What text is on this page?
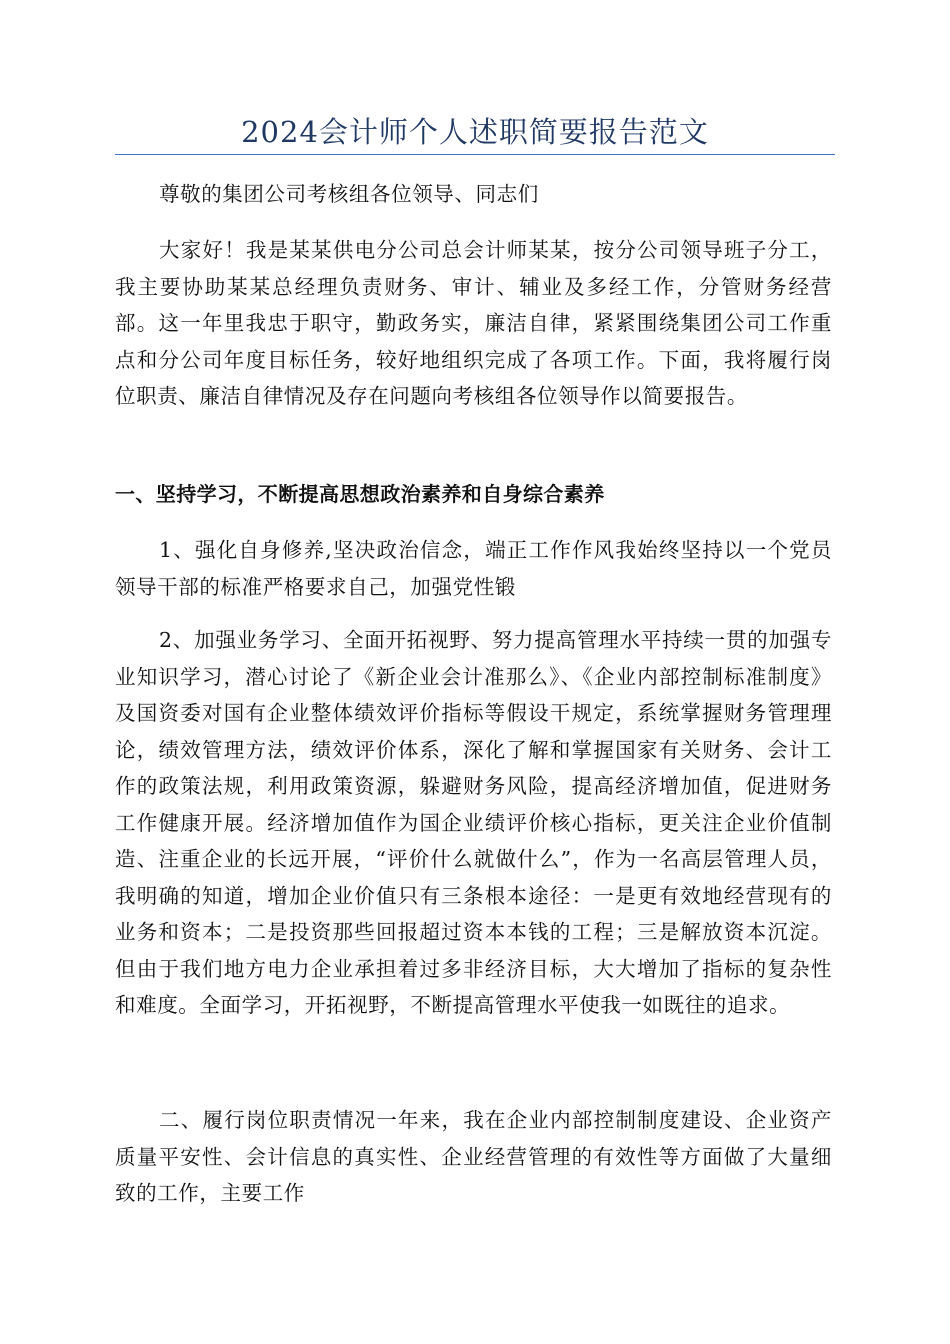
2024会计师个人述职简要报告范文

尊敬的集团公司考核组各位领导、同志们

大家好！我是某某供电分公司总会计师某某，按分公司领导班子分工，我主要协助某某总经理负责财务、审计、辅业及多经工作，分管财务经营部。这一年里我忠于职守，勤政务实，廉洁自律，紧紧围绕集团公司工作重点和分公司年度目标任务，较好地组织完成了各项工作。下面，我将履行岗位职责、廉洁自律情况及存在问题向考核组各位领导作以简要报告。

一、坚持学习，不断提高思想政治素养和自身综合素养

1、强化自身修养,坚决政治信念，端正工作作风我始终坚持以一个党员领导干部的标准严格要求自己，加强党性锻

2、加强业务学习、全面开拓视野、努力提高管理水平持续一贯的加强专业知识学习，潜心讨论了《新企业会计准那么》、《企业内部控制标准制度》及国资委对国有企业整体绩效评价指标等假设干规定，系统掌握财务管理理论，绩效管理方法，绩效评价体系，深化了解和掌握国家有关财务、会计工作的政策法规，利用政策资源，躲避财务风险，提高经济增加值，促进财务工作健康开展。经济增加值作为国企业绩评价核心指标，更关注企业价值制造、注重企业的长远开展，“评价什么就做什么”，作为一名高层管理人员，我明确的知道，增加企业价值只有三条根本途径：一是更有效地经营现有的业务和资本；二是投资那些回报超过资本本钱的工程；三是解放资本沉淀。但由于我们地方电力企业承担着过多非经济目标，大大增加了指标的复杂性和难度。全面学习，开拓视野，不断提高管理水平使我一如既往的追求。

二、履行岗位职责情况一年来，我在企业内部控制制度建设、企业资产质量平安性、会计信息的真实性、企业经营管理的有效性等方面做了大量细致的工作，主要工作
